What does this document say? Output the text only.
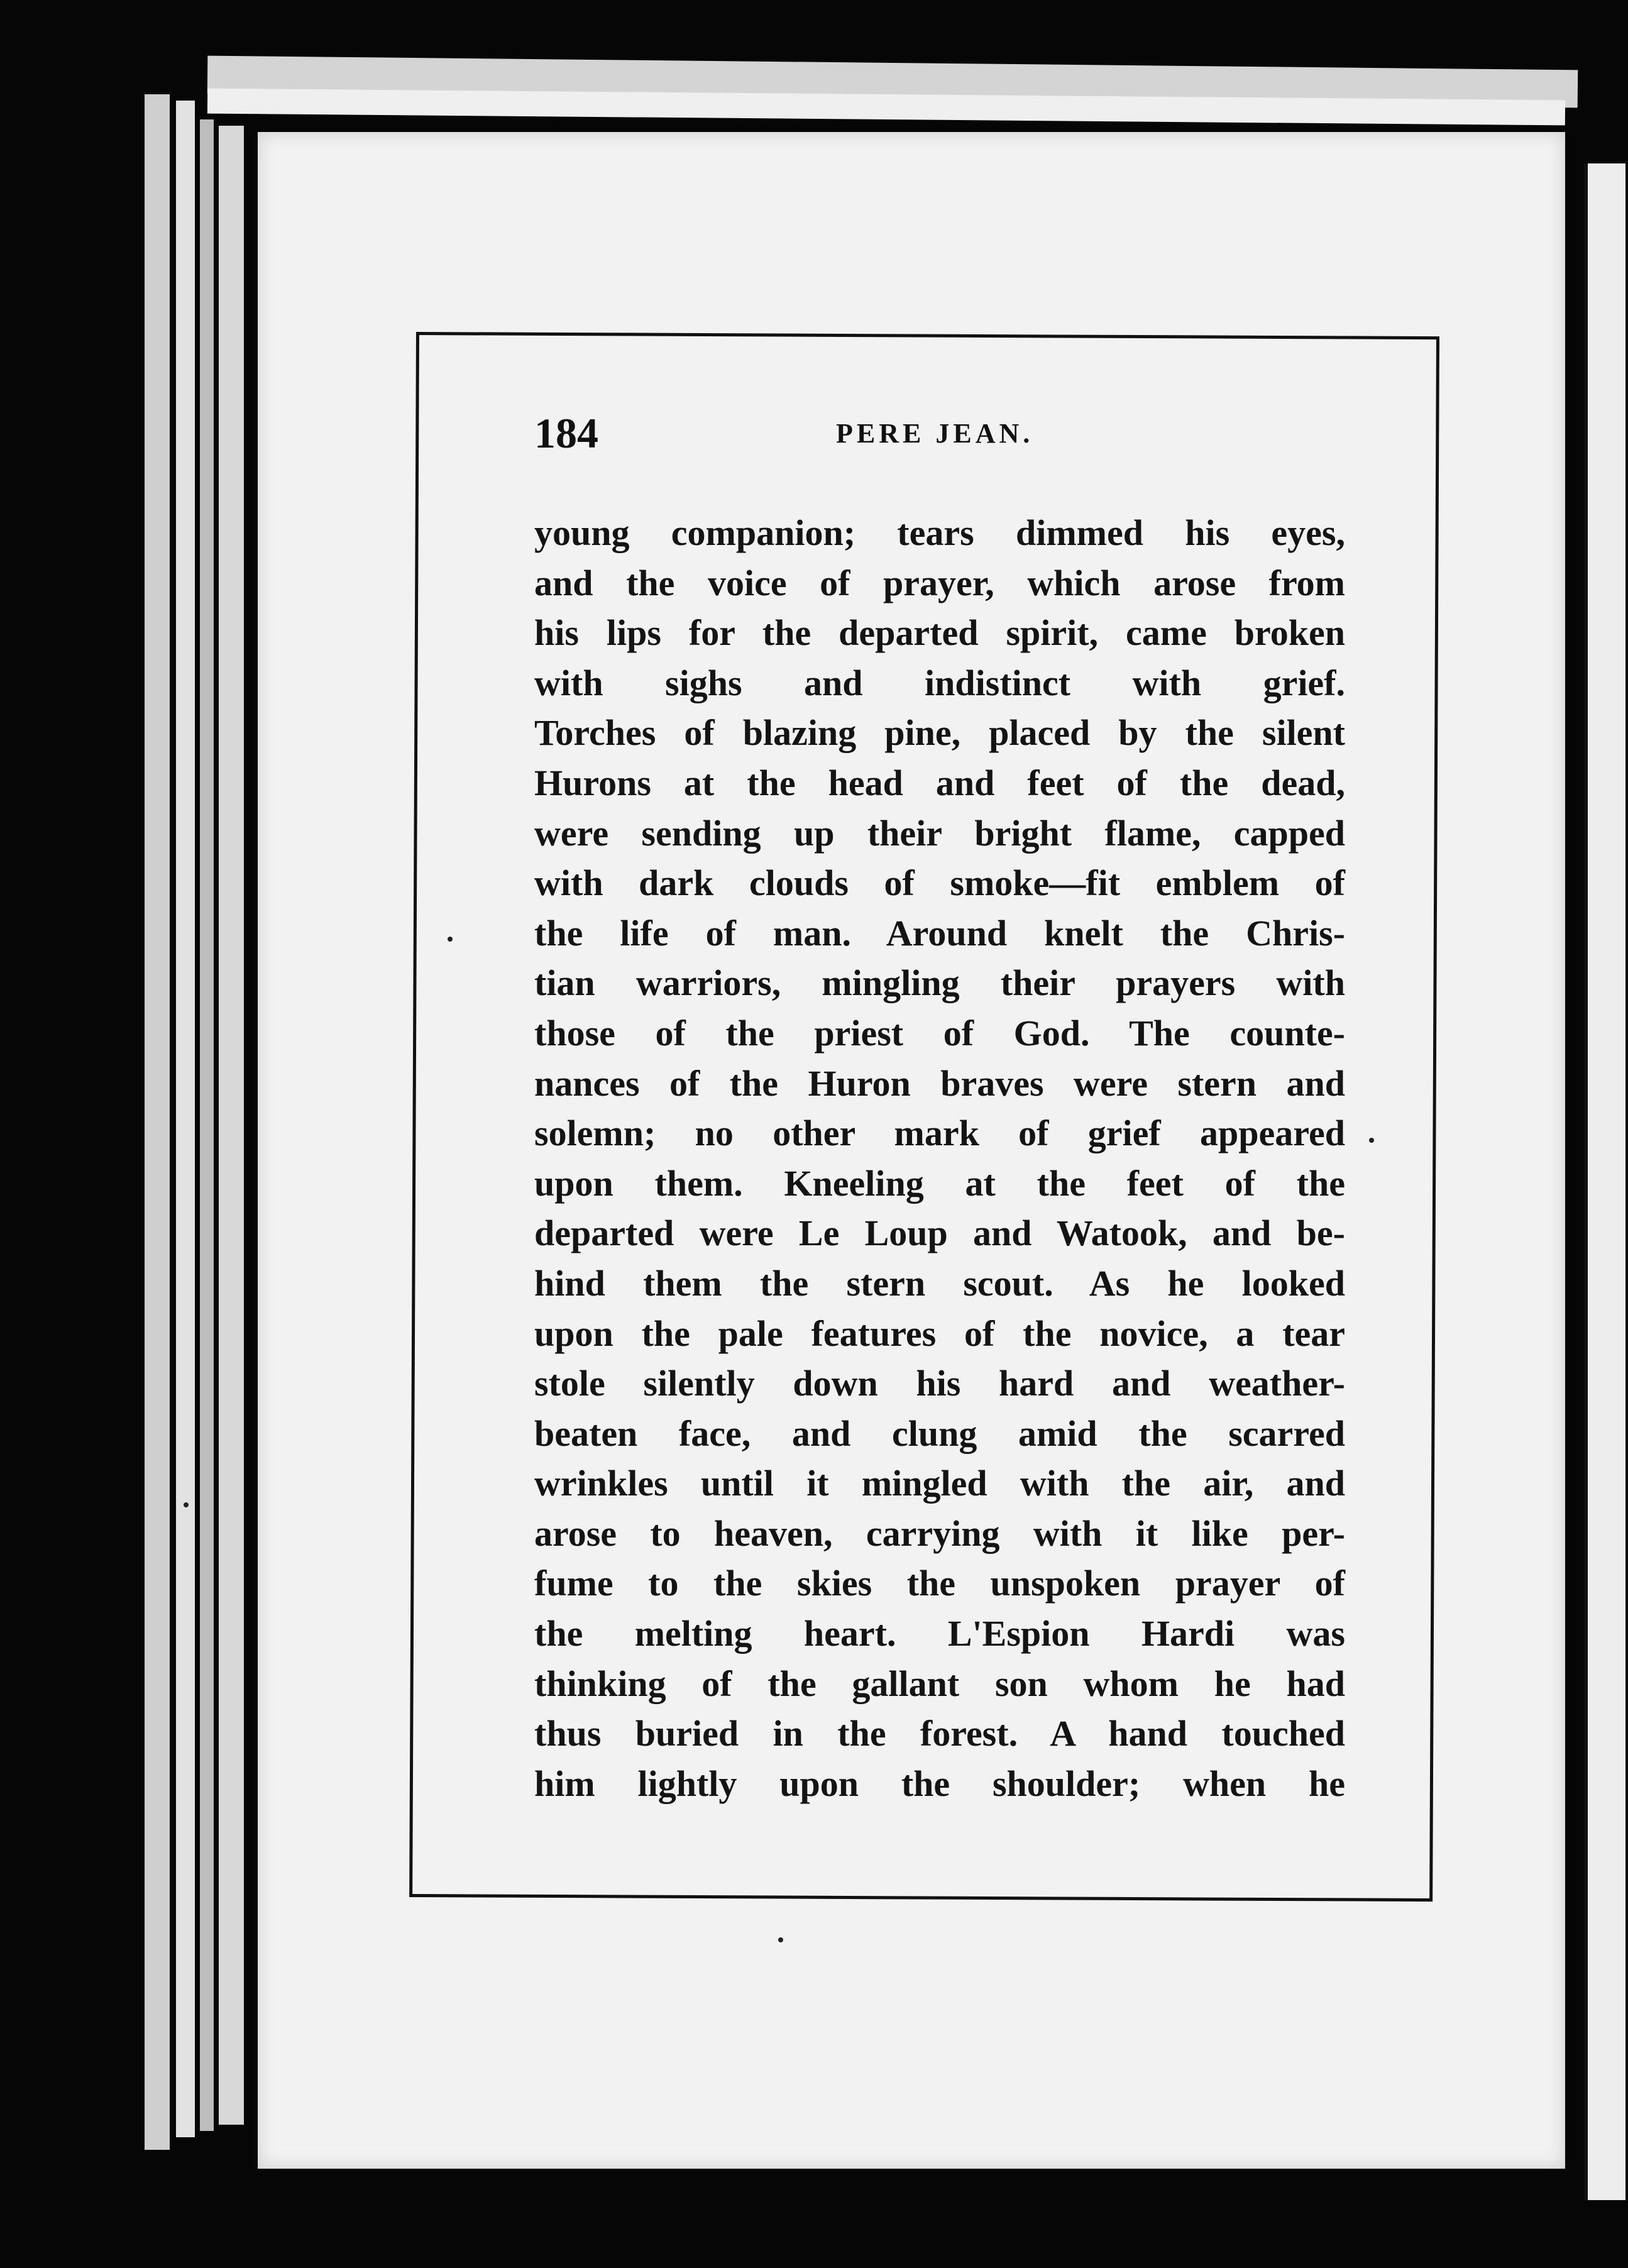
184	PERE JEAN.
young companion; tears dimmed his eyes,
and the voice of prayer, which arose from
his lips for the departed spirit, came broken
with sighs and indistinct with grief.
Torches of blazing pine, placed by the silent
Hurons at the head and feet of the dead,
were sending up their bright flame, capped
with dark clouds of smoke—fit emblem of
the life of man. Around knelt the Chris-
tian warriors, mingling their prayers with
those of the priest of God. The counte-
nances of the Huron braves were stern and
solemn; no other mark of grief appeared
upon them. Kneeling at the feet of the
departed were Le Loup and Watook, and be-
hind them the stern scout. As he looked
upon the pale features of the novice, a tear
stole silently down his hard and weather-
beaten face, and clung amid the scarred
wrinkles until it mingled with the air, and
arose to heaven, carrying with it like per-
fume to the skies the unspoken prayer of
the melting heart. L'Espion Hardi was
thinking of the gallant son whom he had
thus buried in the forest. A hand touched
him lightly upon the shoulder; when he
